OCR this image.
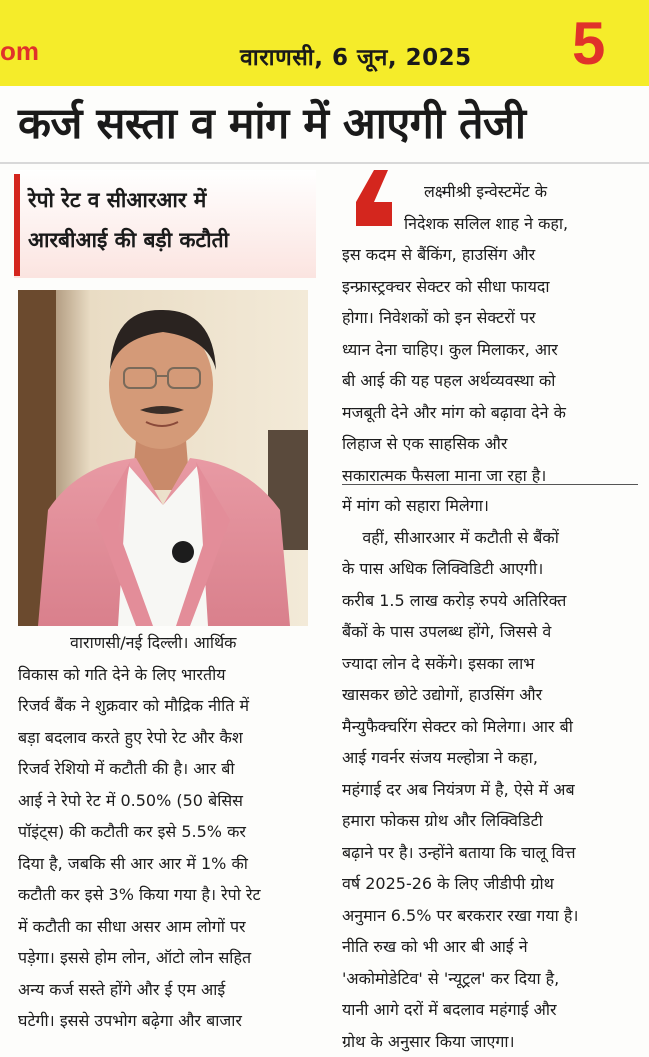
om	वाराणसी, 6 जून, 2025 5
कर्ज सस्ता व मांग में आएगी तेजी
रेपो रेट व सीआरआर में
आरबीआई की बड़ी कटौती
लक्ष्मीश्री इन्वेस्टमेंट के
निदेशक सलिल शाह ने कहा,
इस कदम से बैंकिंग, हाउसिंग और
इन्फ्रास्ट्रक्चर सेक्टर को सीधा फायदा
होगा। निवेशकों को इन सेक्टरों पर
ध्यान देना चाहिए। कुल मिलाकर, आर
बी आई की यह पहल अर्थव्यवस्था को
मजबूती देने और मांग को बढ़ावा देने के
लिहाज से एक साहसिक और
सकारात्मक फैसला माना जा रहा है।
वाराणसी/नई दिल्ली। आर्थिक
विकास को गति देने के लिए भारतीय
रिजर्व बैंक ने शुक्रवार को मौद्रिक नीति में
बड़ा बदलाव करते हुए रेपो रेट और कैश
रिजर्व रेशियो में कटौती की है। आर बी
आई ने रेपो रेट में 0.50% (50 बेसिस
पॉइंट्स) की कटौती कर इसे 5.5% कर
दिया है, जबकि सी आर आर में 1% की
कटौती कर इसे 3% किया गया है। रेपो रेट
में कटौती का सीधा असर आम लोगों पर
पड़ेगा। इससे होम लोन, ऑटो लोन सहित
अन्य कर्ज सस्ते होंगे और ई एम आई
घटेगी। इससे उपभोग बढ़ेगा और बाजार
में मांग को सहारा मिलेगा।
वहीं, सीआरआर में कटौती से बैंकों
के पास अधिक लिक्विडिटी आएगी।
करीब 1.5 लाख करोड़ रुपये अतिरिक्त
बैंकों के पास उपलब्ध होंगे, जिससे वे
ज्यादा लोन दे सकेंगे। इसका लाभ
खासकर छोटे उद्योगों, हाउसिंग और
मैन्युफैक्चरिंग सेक्टर को मिलेगा। आर बी
आई गवर्नर संजय मल्होत्रा ने कहा,
महंगाई दर अब नियंत्रण में है, ऐसे में अब
हमारा फोकस ग्रोथ और लिक्विडिटी
बढ़ाने पर है। उन्होंने बताया कि चालू वित्त
वर्ष 2025-26 के लिए जीडीपी ग्रोथ
अनुमान 6.5% पर बरकरार रखा गया है।
नीति रुख को भी आर बी आई ने
'अकोमोडेटिव' से 'न्यूट्रल' कर दिया है,
यानी आगे दरों में बदलाव महंगाई और
ग्रोथ के अनुसार किया जाएगा।
